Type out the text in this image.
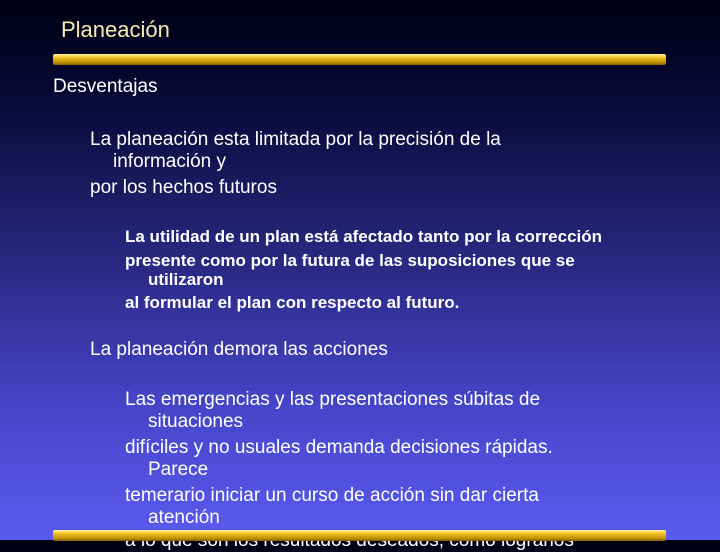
Planeación
Desventajas
La planeación esta limitada por la precisión de la
información y
por los hechos futuros
La utilidad de un plan está afectado tanto por la corrección
presente como por la futura de las suposiciones que se
utilizaron
al formular el plan con respecto al futuro.
La planeación demora las acciones
Las emergencias y las presentaciones súbitas de
situaciones
difíciles y no usuales demanda decisiones rápidas.
Parece
temerario iniciar un curso de acción sin dar cierta
atención
